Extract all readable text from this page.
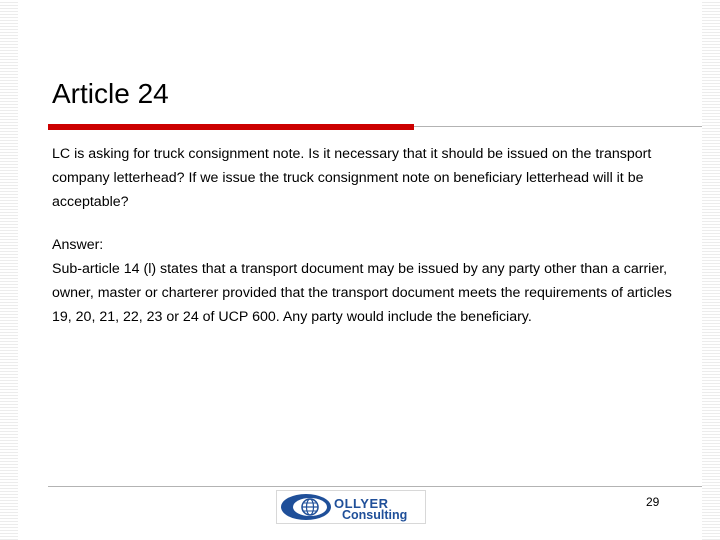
Article 24

LC is asking for truck consignment note. Is it necessary that it should be issued on the transport company letterhead? If we issue the truck consignment note on beneficiary letterhead will it be acceptable?

Answer:

Sub-article 14 (l) states that a transport document may be issued by any party other than a carrier, owner, master or charterer provided that the transport document meets the requirements of articles 19, 20, 21, 22, 23 or 24 of UCP 600. Any party would include the beneficiary.

OLLYER
Consulting
29
